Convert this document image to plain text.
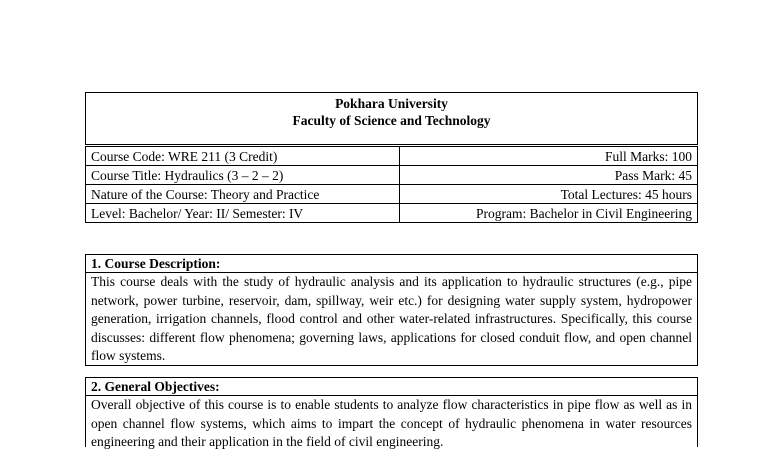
Pokhara University
Faculty of Science and Technology
Course Code: WRE 211 (3 Credit)	Full Marks: 100
Course Title: Hydraulics (3 – 2 – 2)	Pass Mark: 45
Nature of the Course: Theory and Practice	Total Lectures: 45 hours
Level: Bachelor/ Year: II/ Semester: IV	Program: Bachelor in Civil Engineering
1. Course Description:
This course deals with the study of hydraulic analysis and its application to hydraulic structures (e.g., pipe network, power turbine, reservoir, dam, spillway, weir etc.) for designing water supply system, hydropower generation, irrigation channels, flood control and other water-related infrastructures. Specifically, this course discusses: different flow phenomena; governing laws, applications for closed conduit flow, and open channel flow systems.
2. General Objectives:
Overall objective of this course is to enable students to analyze flow characteristics in pipe flow as well as in open channel flow systems, which aims to impart the concept of hydraulic phenomena in water resources engineering and their application in the field of civil engineering.
